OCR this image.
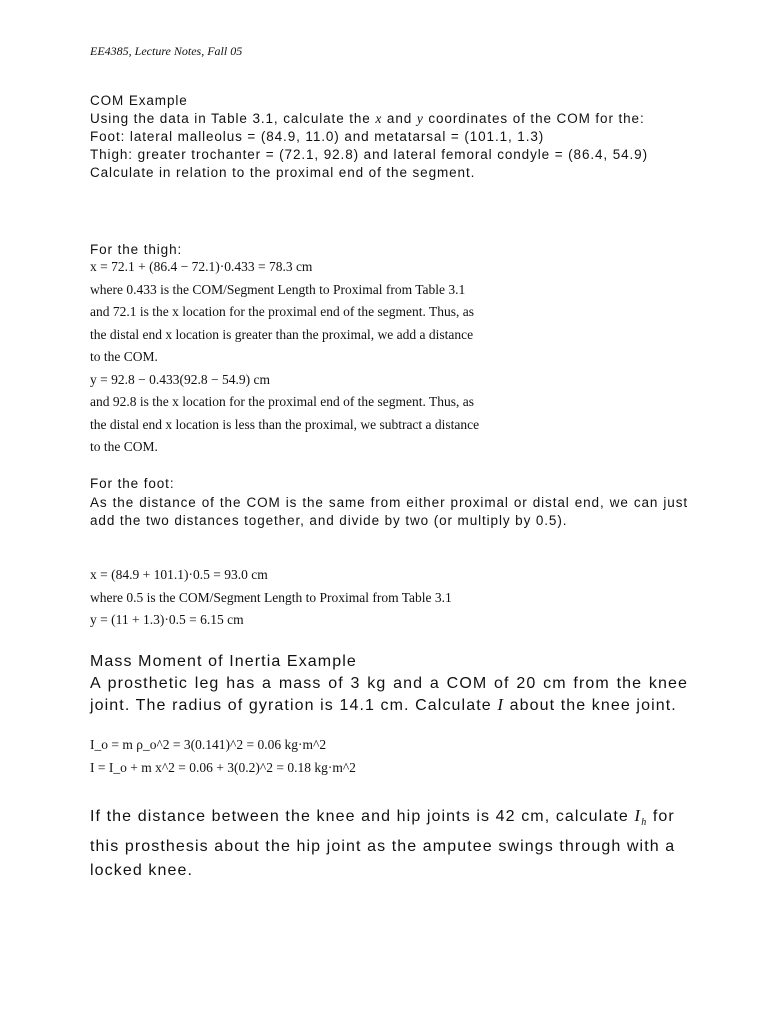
EE4385, Lecture Notes, Fall 05
COM Example
Using the data in Table 3.1, calculate the x and y coordinates of the COM for the:
Foot: lateral malleolus = (84.9, 11.0) and metatarsal = (101.1, 1.3)
Thigh: greater trochanter = (72.1, 92.8) and lateral femoral condyle = (86.4, 54.9)
Calculate in relation to the proximal end of the segment.
For the thigh:
x = 72.1 + (86.4 − 72.1)·0.433 = 78.3 cm
where 0.433 is the COM/Segment Length to Proximal from Table 3.1
and 72.1 is the x location for the proximal end of the segment. Thus, as
the distal end x location is greater than the proximal, we add a distance
to the COM.
y = 92.8 − 0.433(92.8 − 54.9) cm
and 92.8 is the x location for the proximal end of the segment. Thus, as
the distal end x location is less than the proximal, we subtract a distance
to the COM.
For the foot:
As the distance of the COM is the same from either proximal or distal end, we can just add the two distances together, and divide by two (or multiply by 0.5).
x = (84.9 + 101.1)·0.5 = 93.0 cm
where 0.5 is the COM/Segment Length to Proximal from Table 3.1
y = (11 + 1.3)·0.5 = 6.15 cm
Mass Moment of Inertia Example
A prosthetic leg has a mass of 3 kg and a COM of 20 cm from the knee joint. The radius of gyration is 14.1 cm. Calculate I about the knee joint.
I_o = m ρ_o^2 = 3(0.141)^2 = 0.06 kg·m^2
I = I_o + m x^2 = 0.06 + 3(0.2)^2 = 0.18 kg·m^2
If the distance between the knee and hip joints is 42 cm, calculate $I_h$ for this prosthesis about the hip joint as the amputee swings through with a locked knee.
